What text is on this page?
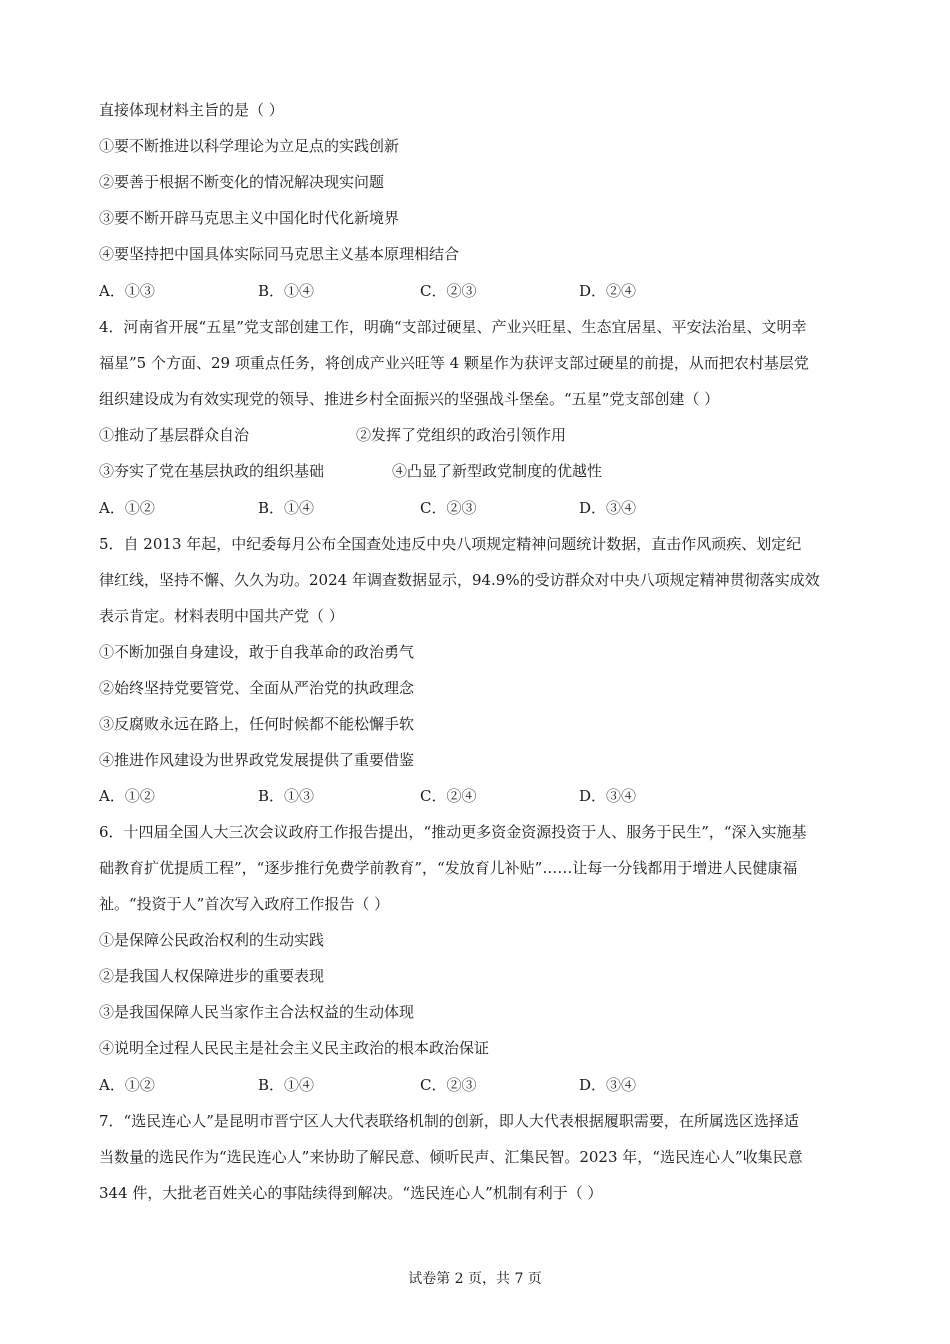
直接体现材料主旨的是（ ）
①要不断推进以科学理论为立足点的实践创新
②要善于根据不断变化的情况解决现实问题
③要不断开辟马克思主义中国化时代化新境界
④要坚持把中国具体实际同马克思主义基本原理相结合
A．①③	B．①④	C．②③	D．②④
4．河南省开展“五星”党支部创建工作，明确“支部过硬星、产业兴旺星、生态宜居星、平安法治星、文明幸
福星”5 个方面、29 项重点任务，将创成产业兴旺等 4 颗星作为获评支部过硬星的前提，从而把农村基层党
组织建设成为有效实现党的领导、推进乡村全面振兴的坚强战斗堡垒。“五星”党支部创建（ ）
①推动了基层群众自治	②发挥了党组织的政治引领作用
③夯实了党在基层执政的组织基础	④凸显了新型政党制度的优越性
A．①②	B．①④	C．②③	D．③④
5．自 2013 年起，中纪委每月公布全国查处违反中央八项规定精神问题统计数据，直击作风顽疾、划定纪
律红线，坚持不懈、久久为功。2024 年调查数据显示，94.9%的受访群众对中央八项规定精神贯彻落实成效
表示肯定。材料表明中国共产党（ ）
①不断加强自身建设，敢于自我革命的政治勇气
②始终坚持党要管党、全面从严治党的执政理念
③反腐败永远在路上，任何时候都不能松懈手软
④推进作风建设为世界政党发展提供了重要借鉴
A．①②	B．①③	C．②④	D．③④
6．十四届全国人大三次会议政府工作报告提出，“推动更多资金资源投资于人、服务于民生”，“深入实施基
础教育扩优提质工程”，“逐步推行免费学前教育”，“发放育儿补贴”……让每一分钱都用于增进人民健康福
祉。“投资于人”首次写入政府工作报告（ ）
①是保障公民政治权利的生动实践
②是我国人权保障进步的重要表现
③是我国保障人民当家作主合法权益的生动体现
④说明全过程人民民主是社会主义民主政治的根本政治保证
A．①②	B．①④	C．②③	D．③④
7．“选民连心人”是昆明市晋宁区人大代表联络机制的创新，即人大代表根据履职需要，在所属选区选择适
当数量的选民作为“选民连心人”来协助了解民意、倾听民声、汇集民智。2023 年，“选民连心人”收集民意
344 件，大批老百姓关心的事陆续得到解决。“选民连心人”机制有利于（ ）
试卷第 2 页，共 7 页
